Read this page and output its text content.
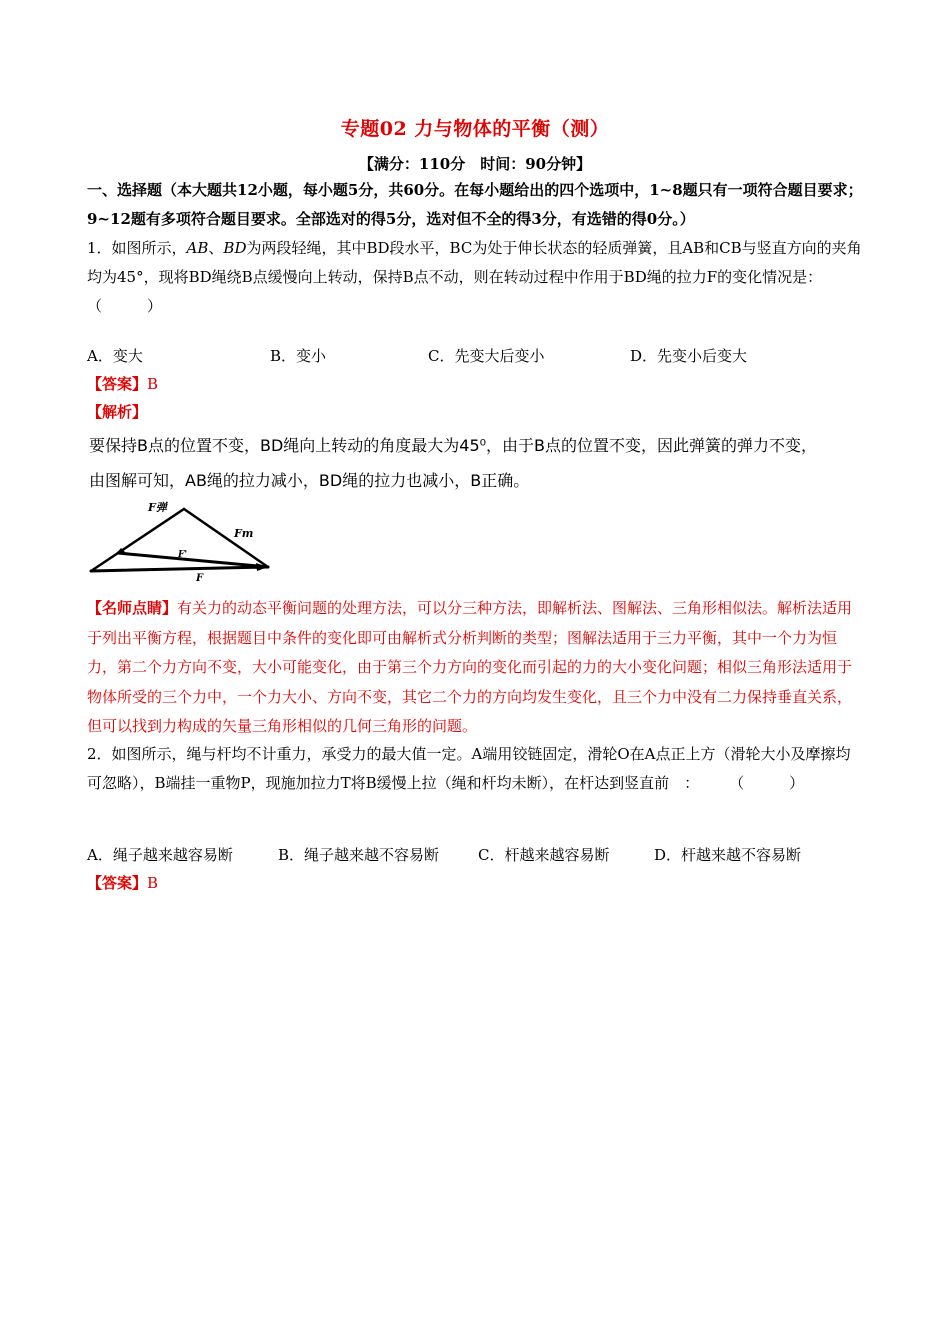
专题02 力与物体的平衡（测）
【满分：110分　时间：90分钟】
一、选择题（本大题共12小题，每小题5分，共60分。在每小题给出的四个选项中，1~8题只有一项符合题目要求；　9~12题有多项符合题目要求。全部选对的得5分，选对但不全的得3分，有选错的得0分。）
1．如图所示，AB、BD为两段轻绳，其中BD段水平，BC为处于伸长状态的轻质弹簧，且AB和CB与竖直方向的夹角均为45°，现将BD绳绕B点缓慢向上转动，保持B点不动，则在转动过程中作用于BD绳的拉力F的变化情况是：　　　（　　　）
A．变大	B．变小	C．先变大后变小	D．先变小后变大
【答案】B
【解析】
要保持B点的位置不变，BD绳向上转动的角度最大为45⁰，由于B点的位置不变，因此弹簧的弹力不变，
由图解可知，AB绳的拉力减小，BD绳的拉力也减小，B正确。
F弹
Fm
F'
F
【名师点睛】有关力的动态平衡问题的处理方法，可以分三种方法，即解析法、图解法、三角形相似法。解析法适用于列出平衡方程，根据题目中条件的变化即可由解析式分析判断的类型；图解法适用于三力平衡，其中一个力为恒力，第二个力方向不变，大小可能变化，由于第三个力方向的变化而引起的力的大小变化问题；相似三角形法适用于物体所受的三个力中，一个力大小、方向不变，其它二个力的方向均发生变化，且三个力中没有二力保持垂直关系，但可以找到力构成的矢量三角形相似的几何三角形的问题。
2．如图所示，绳与杆均不计重力，承受力的最大值一定。A端用铰链固定，滑轮O在A点正上方（滑轮大小及摩擦均可忽略），B端挂一重物P，现施加拉力T将B缓慢上拉（绳和杆均未断），在杆达到竖直前　：　　　（　　　）
A．绳子越来越容易断	B．绳子越来越不容易断	C．杆越来越容易断	D．杆越来越不容易断
【答案】B
